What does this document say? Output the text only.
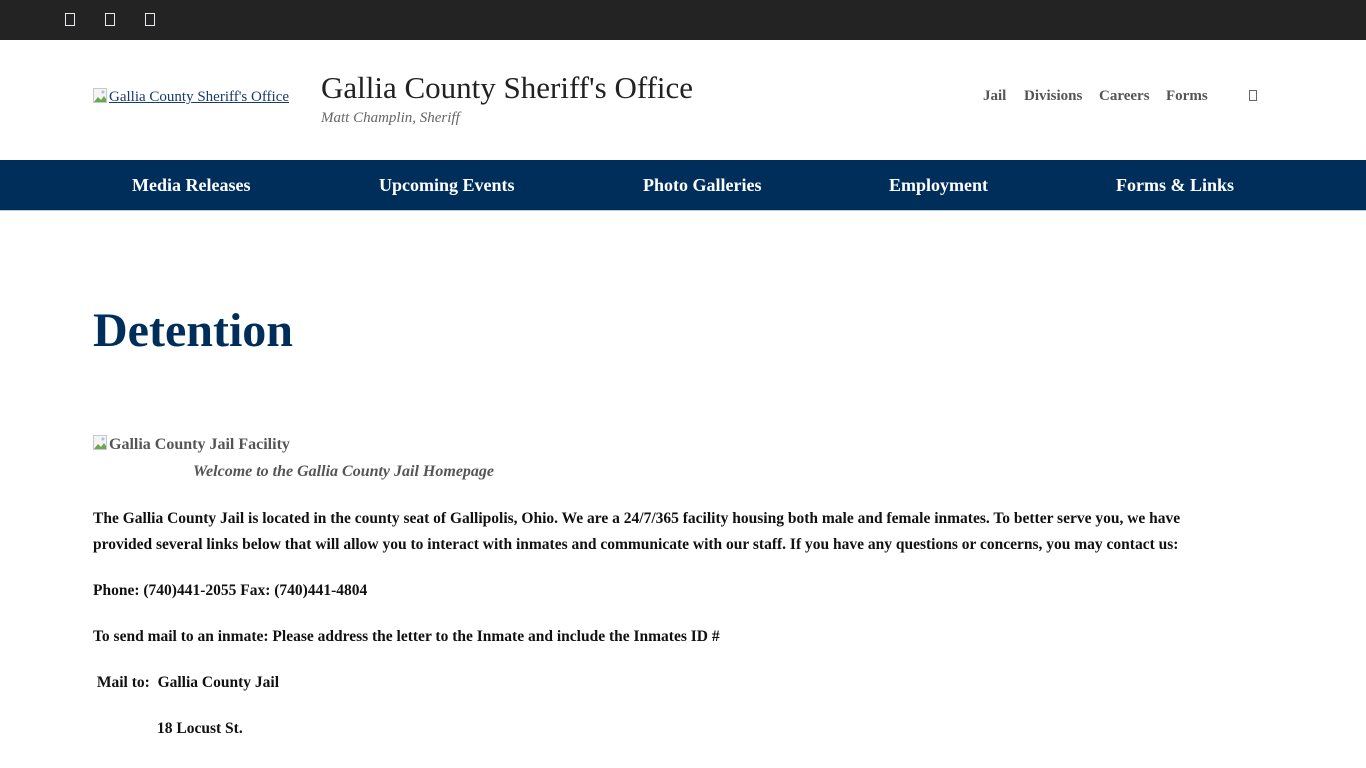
Gallia County Sheriff's Office Gallia County Sheriff's Office
Matt Champlin, Sheriff
Jail Divisions Careers Forms
Media Releases	Upcoming Events	Photo Galleries	Employment	Forms & Links
Detention
Gallia County Jail Facility
Welcome to the Gallia County Jail Homepage
The Gallia County Jail is located in the county seat of Gallipolis, Ohio. We are a 24/7/365 facility housing both male and female inmates. To better serve you, we have
provided several links below that will allow you to interact with inmates and communicate with our staff. If you have any questions or concerns, you may contact us:
Phone: (740)441-2055 Fax: (740)441-4804
To send mail to an inmate: Please address the letter to the Inmate and include the Inmates ID #
Mail to:  Gallia County Jail
18 Locust St.
